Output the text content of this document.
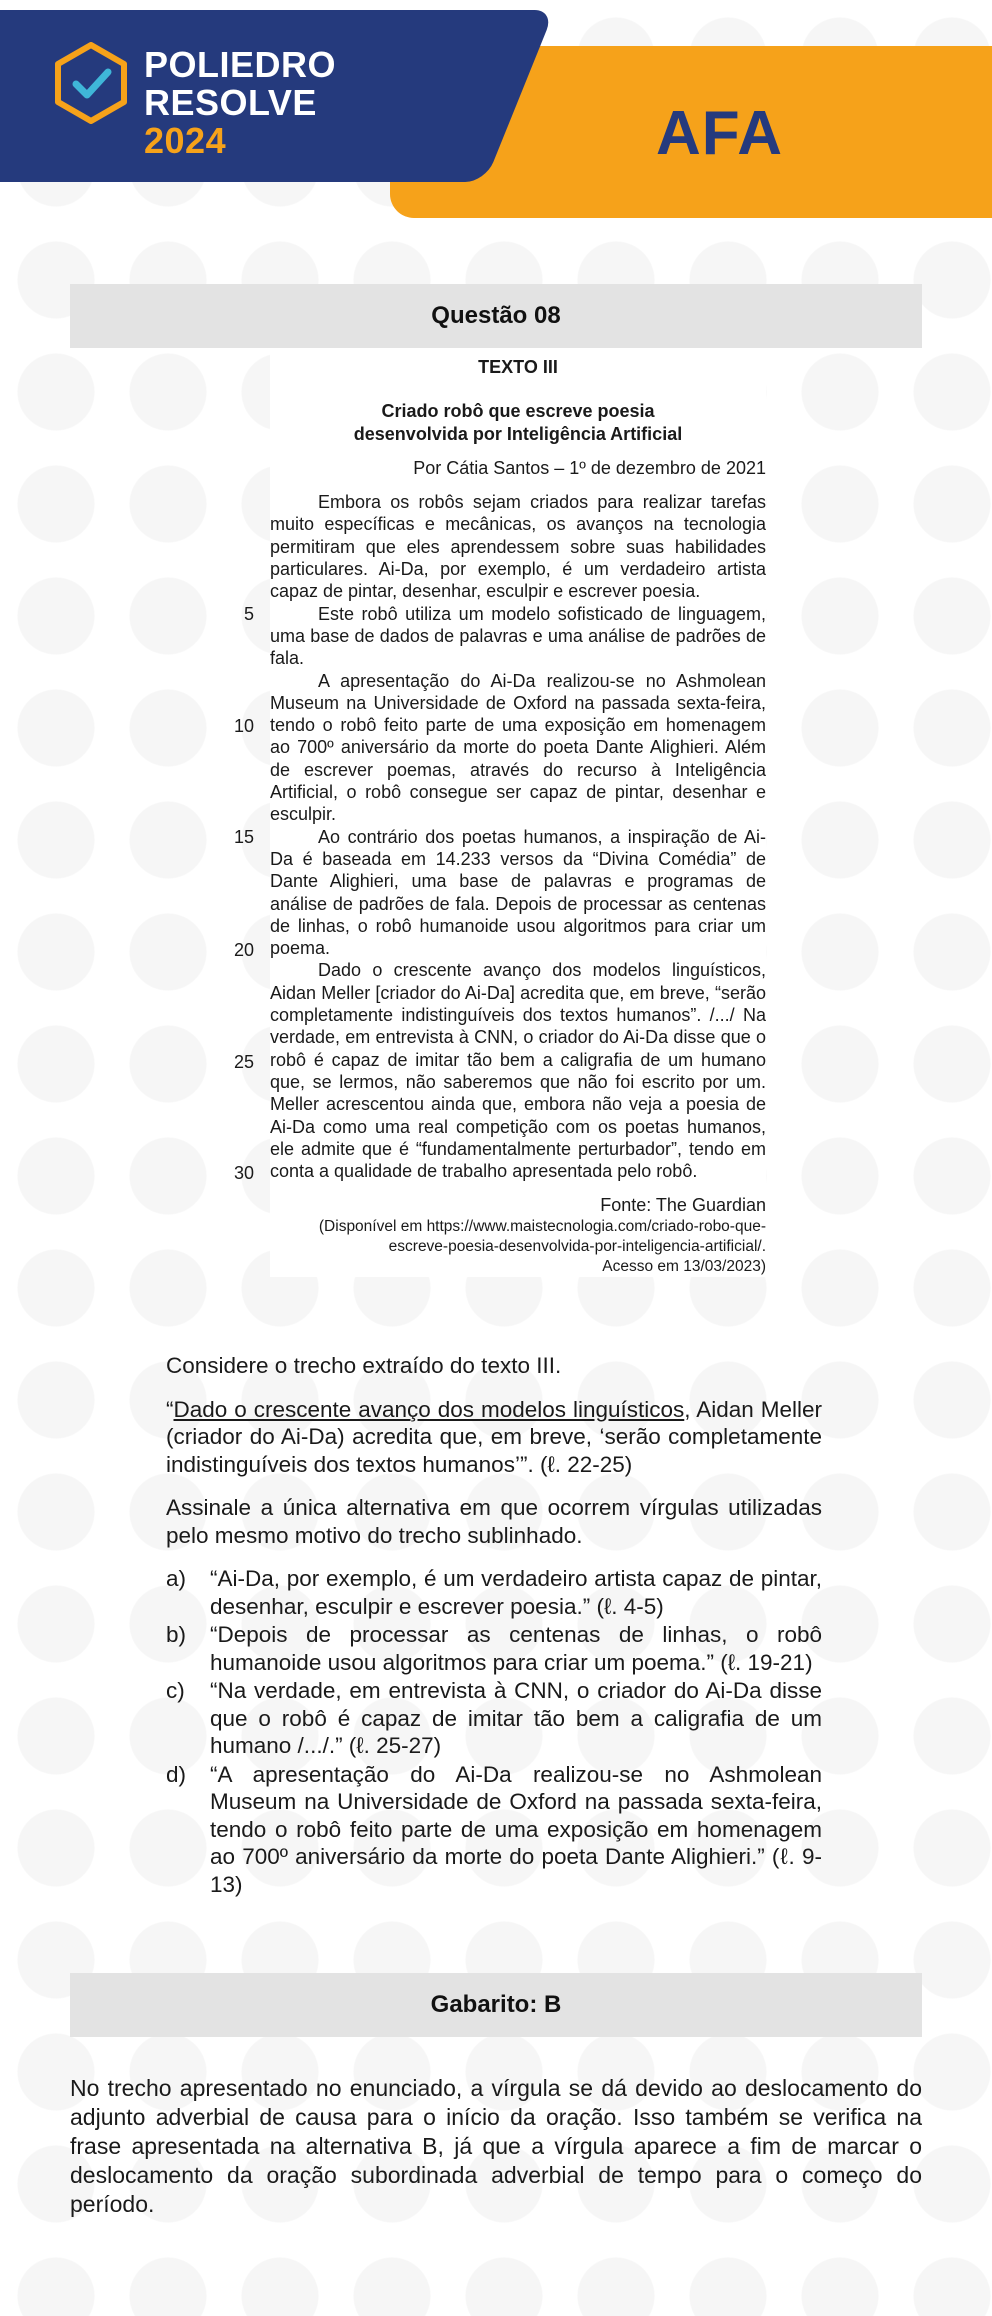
POLIEDRO
RESOLVE
2024	AFA
Questão 08
TEXTO III
Criado robô que escreve poesia
desenvolvida por Inteligência Artificial
Por Cátia Santos – 1º de dezembro de 2021

Embora os robôs sejam criados para realizar tarefas muito específicas e mecânicas, os avanços na tecnologia permitiram que eles aprendessem sobre suas habilidades particulares. Ai-Da, por exemplo, é um verdadeiro artista capaz de pintar, desenhar, esculpir e escrever poesia.

Este robô utiliza um modelo sofisticado de linguagem, uma base de dados de palavras e uma análise de padrões de fala.

A apresentação do Ai-Da realizou-se no Ashmolean Museum na Universidade de Oxford na passada sexta-feira, tendo o robô feito parte de uma exposição em homenagem ao 700º aniversário da morte do poeta Dante Alighieri. Além de escrever poemas, através do recurso à Inteligência Artificial, o robô consegue ser capaz de pintar, desenhar e esculpir.

Ao contrário dos poetas humanos, a inspiração de Ai-Da é baseada em 14.233 versos da “Divina Comédia” de Dante Alighieri, uma base de palavras e programas de análise de padrões de fala. Depois de processar as centenas de linhas, o robô humanoide usou algoritmos para criar um poema.

Dado o crescente avanço dos modelos linguísticos, Aidan Meller [criador do Ai-Da] acredita que, em breve, “serão completamente indistinguíveis dos textos humanos”. /.../ Na verdade, em entrevista à CNN, o criador do Ai-Da disse que o robô é capaz de imitar tão bem a caligrafia de um humano que, se lermos, não saberemos que não foi escrito por um. Meller acrescentou ainda que, embora não veja a poesia de Ai-Da como uma real competição com os poetas humanos, ele admite que é “fundamentalmente perturbador”, tendo em conta a qualidade de trabalho apresentada pelo robô.

Fonte: The Guardian
(Disponível em https://www.maistecnologia.com/criado-robo-que-
escreve-poesia-desenvolvida-por-inteligencia-artificial/.
Acesso em 13/03/2023)
5
10
15
20
25
30

Considere o trecho extraído do texto III.

“Dado o crescente avanço dos modelos linguísticos, Aidan Meller (criador do Ai-Da) acredita que, em breve, ‘serão completamente indistinguíveis dos textos humanos’”. (ℓ. 22-25)

Assinale a única alternativa em que ocorrem vírgulas utilizadas pelo mesmo motivo do trecho sublinhado.

a)	“Ai-Da, por exemplo, é um verdadeiro artista capaz de pintar, desenhar, esculpir e escrever poesia.” (ℓ. 4-5)
b)	“Depois de processar as centenas de linhas, o robô humanoide usou algoritmos para criar um poema.” (ℓ. 19-21)
c)	“Na verdade, em entrevista à CNN, o criador do Ai-Da disse que o robô é capaz de imitar tão bem a caligrafia de um humano /.../.” (ℓ. 25-27)
d)	“A apresentação do Ai-Da realizou-se no Ashmolean Museum na Universidade de Oxford na passada sexta-feira, tendo o robô feito parte de uma exposição em homenagem ao 700º aniversário da morte do poeta Dante Alighieri.” (ℓ. 9-13)
Gabarito: B
No trecho apresentado no enunciado, a vírgula se dá devido ao deslocamento do adjunto adverbial de causa para o início da oração. Isso também se verifica na frase apresentada na alternativa B, já que a vírgula aparece a fim de marcar o deslocamento da oração subordinada adverbial de tempo para o começo do período.
